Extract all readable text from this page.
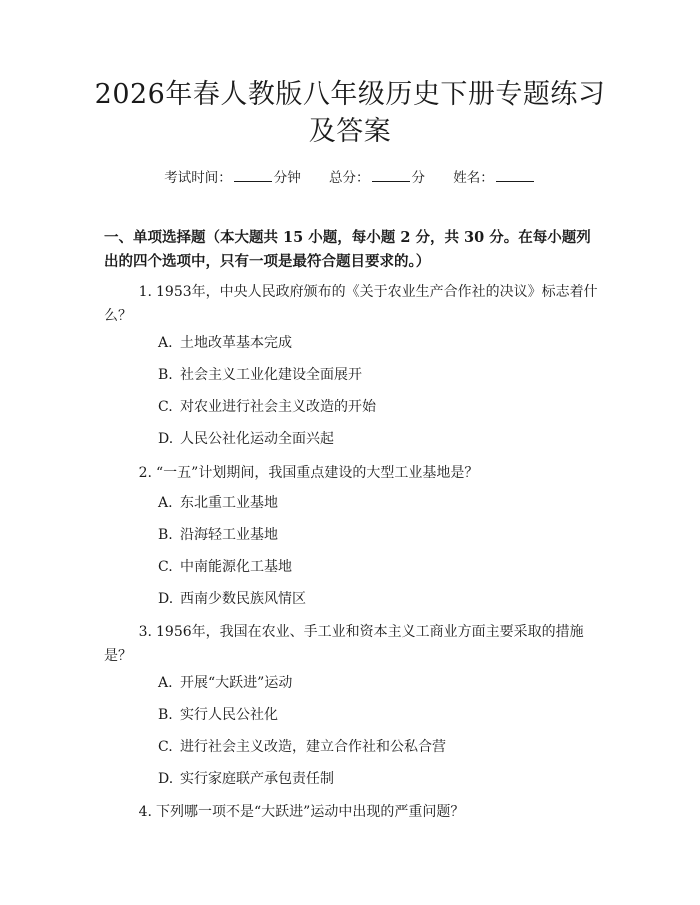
2026年春人教版八年级历史下册专题练习及答案
考试时间：	分钟 总分：	分 姓名：
一、单项选择题（本大题共 15 小题，每小题 2 分，共 30 分。在每小题列出的四个选项中，只有一项是最符合题目要求的。）
1. 1953年，中央人民政府颁布的《关于农业生产合作社的决议》标志着什么？
A. 土地改革基本完成
B. 社会主义工业化建设全面展开
C. 对农业进行社会主义改造的开始
D. 人民公社化运动全面兴起
2. “一五”计划期间，我国重点建设的大型工业基地是？
A. 东北重工业基地
B. 沿海轻工业基地
C. 中南能源化工基地
D. 西南少数民族风情区
3. 1956年，我国在农业、手工业和资本主义工商业方面主要采取的措施是？
A. 开展“大跃进”运动
B. 实行人民公社化
C. 进行社会主义改造，建立合作社和公私合营
D. 实行家庭联产承包责任制
4. 下列哪一项不是“大跃进”运动中出现的严重问题？
